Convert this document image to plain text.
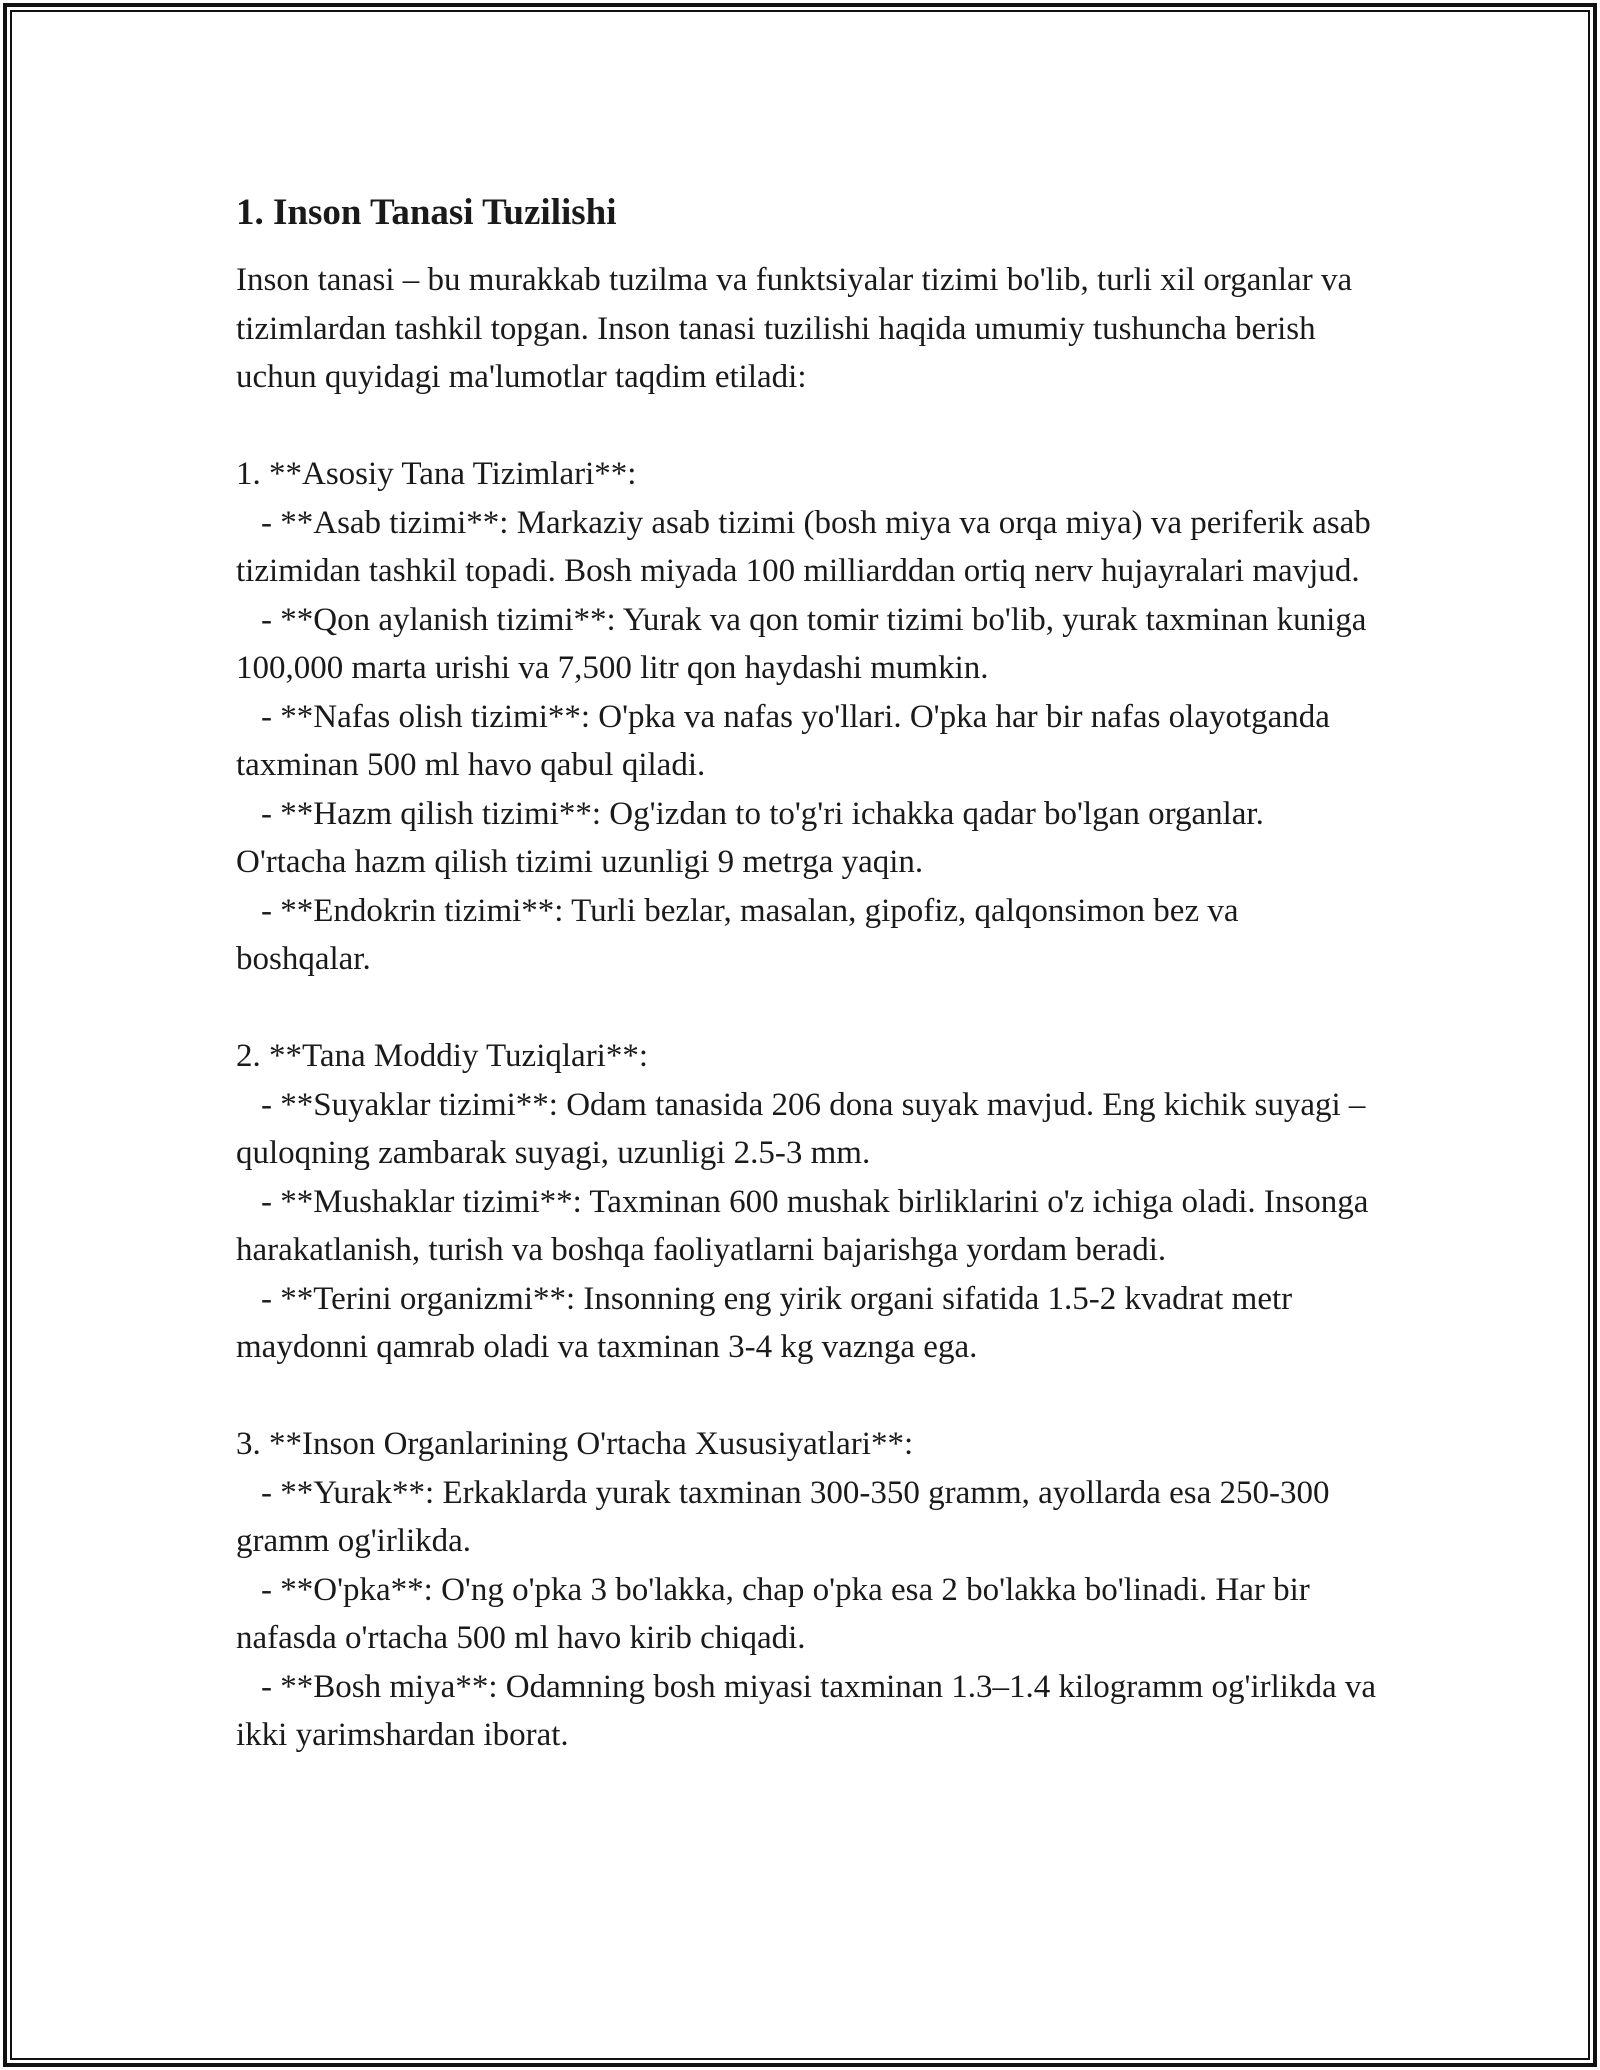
1. Inson Tanasi Tuzilishi

Inson tanasi – bu murakkab tuzilma va funktsiyalar tizimi bo'lib, turli xil organlar va tizimlardan tashkil topgan. Inson tanasi tuzilishi haqida umumiy tushuncha berish uchun quyidagi ma'lumotlar taqdim etiladi:

1. **Asosiy Tana Tizimlari**:

- **Asab tizimi**: Markaziy asab tizimi (bosh miya va orqa miya) va periferik asab tizimidan tashkil topadi. Bosh miyada 100 milliarddan ortiq nerv hujayralari mavjud.

- **Qon aylanish tizimi**: Yurak va qon tomir tizimi bo'lib, yurak taxminan kuniga 100,000 marta urishi va 7,500 litr qon haydashi mumkin.

- **Nafas olish tizimi**: O'pka va nafas yo'llari. O'pka har bir nafas olayotganda taxminan 500 ml havo qabul qiladi.

- **Hazm qilish tizimi**: Og'izdan to to'g'ri ichakka qadar bo'lgan organlar. O'rtacha hazm qilish tizimi uzunligi 9 metrga yaqin.

- **Endokrin tizimi**: Turli bezlar, masalan, gipofiz, qalqonsimon bez va boshqalar.

2. **Tana Moddiy Tuziqlari**:

- **Suyaklar tizimi**: Odam tanasida 206 dona suyak mavjud. Eng kichik suyagi – quloqning zambarak suyagi, uzunligi 2.5-3 mm.

- **Mushaklar tizimi**: Taxminan 600 mushak birliklarini o'z ichiga oladi. Insonga harakatlanish, turish va boshqa faoliyatlarni bajarishga yordam beradi.

- **Terini organizmi**: Insonning eng yirik organi sifatida 1.5-2 kvadrat metr maydonni qamrab oladi va taxminan 3-4 kg vaznga ega.

3. **Inson Organlarining O'rtacha Xususiyatlari**:

- **Yurak**: Erkaklarda yurak taxminan 300-350 gramm, ayollarda esa 250-300 gramm og'irlikda.

- **O'pka**: O'ng o'pka 3 bo'lakka, chap o'pka esa 2 bo'lakka bo'linadi. Har bir nafasda o'rtacha 500 ml havo kirib chiqadi.

- **Bosh miya**: Odamning bosh miyasi taxminan 1.3–1.4 kilogramm og'irlikda va ikki yarimshardan iborat.
